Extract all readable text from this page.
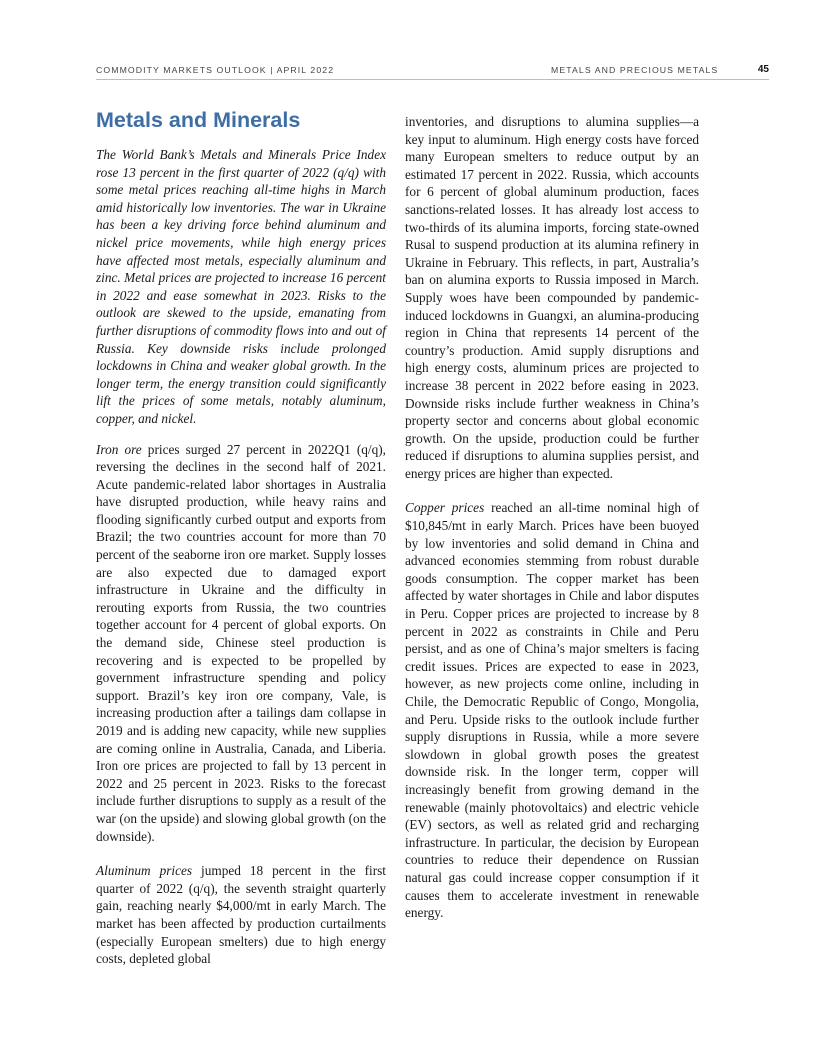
COMMODITY MARKETS OUTLOOK | APRIL 2022	METALS AND PRECIOUS METALS	45
Metals and Minerals

The World Bank’s Metals and Minerals Price Index rose 13 percent in the first quarter of 2022 (q/q) with some metal prices reaching all-time highs in March amid historically low inventories. The war in Ukraine has been a key driving force behind aluminum and nickel price movements, while high energy prices have affected most metals, especially aluminum and zinc. Metal prices are projected to increase 16 percent in 2022 and ease somewhat in 2023. Risks to the outlook are skewed to the upside, emanating from further disruptions of commodity flows into and out of Russia. Key downside risks include prolonged lockdowns in China and weaker global growth. In the longer term, the energy transition could significantly lift the prices of some metals, notably aluminum, copper, and nickel.

Iron ore prices surged 27 percent in 2022Q1 (q/q), reversing the declines in the second half of 2021. Acute pandemic-related labor shortages in Australia have disrupted production, while heavy rains and flooding significantly curbed output and exports from Brazil; the two countries account for more than 70 percent of the seaborne iron ore market. Supply losses are also expected due to damaged export infrastructure in Ukraine and the difficulty in rerouting exports from Russia, the two countries together account for 4 percent of global exports. On the demand side, Chinese steel production is recovering and is expected to be propelled by government infrastructure spending and policy support. Brazil’s key iron ore company, Vale, is increasing production after a tailings dam collapse in 2019 and is adding new capacity, while new supplies are coming online in Australia, Canada, and Liberia. Iron ore prices are projected to fall by 13 percent in 2022 and 25 percent in 2023. Risks to the forecast include further disruptions to supply as a result of the war (on the upside) and slowing global growth (on the downside).

Aluminum prices jumped 18 percent in the first quarter of 2022 (q/q), the seventh straight quarterly gain, reaching nearly $4,000/mt in early March. The market has been affected by production curtailments (especially European smelters) due to high energy costs, depleted global

inventories, and disruptions to alumina supplies—a key input to aluminum. High energy costs have forced many European smelters to reduce output by an estimated 17 percent in 2022. Russia, which accounts for 6 percent of global aluminum production, faces sanctions-related losses. It has already lost access to two-thirds of its alumina imports, forcing state-owned Rusal to suspend production at its alumina refinery in Ukraine in February. This reflects, in part, Australia’s ban on alumina exports to Russia imposed in March. Supply woes have been compounded by pandemic-induced lockdowns in Guangxi, an alumina-producing region in China that represents 14 percent of the country’s production. Amid supply disruptions and high energy costs, aluminum prices are projected to increase 38 percent in 2022 before easing in 2023. Downside risks include further weakness in China’s property sector and concerns about global economic growth. On the upside, production could be further reduced if disruptions to alumina supplies persist, and energy prices are higher than expected.

Copper prices reached an all-time nominal high of $10,845/mt in early March. Prices have been buoyed by low inventories and solid demand in China and advanced economies stemming from robust durable goods consumption. The copper market has been affected by water shortages in Chile and labor disputes in Peru. Copper prices are projected to increase by 8 percent in 2022 as constraints in Chile and Peru persist, and as one of China’s major smelters is facing credit issues. Prices are expected to ease in 2023, however, as new projects come online, including in Chile, the Democratic Republic of Congo, Mongolia, and Peru. Upside risks to the outlook include further supply disruptions in Russia, while a more severe slowdown in global growth poses the greatest downside risk. In the longer term, copper will increasingly benefit from growing demand in the renewable (mainly photovoltaics) and electric vehicle (EV) sectors, as well as related grid and recharging infrastructure. In particular, the decision by European countries to reduce their dependence on Russian natural gas could increase copper consumption if it causes them to accelerate investment in renewable energy.
